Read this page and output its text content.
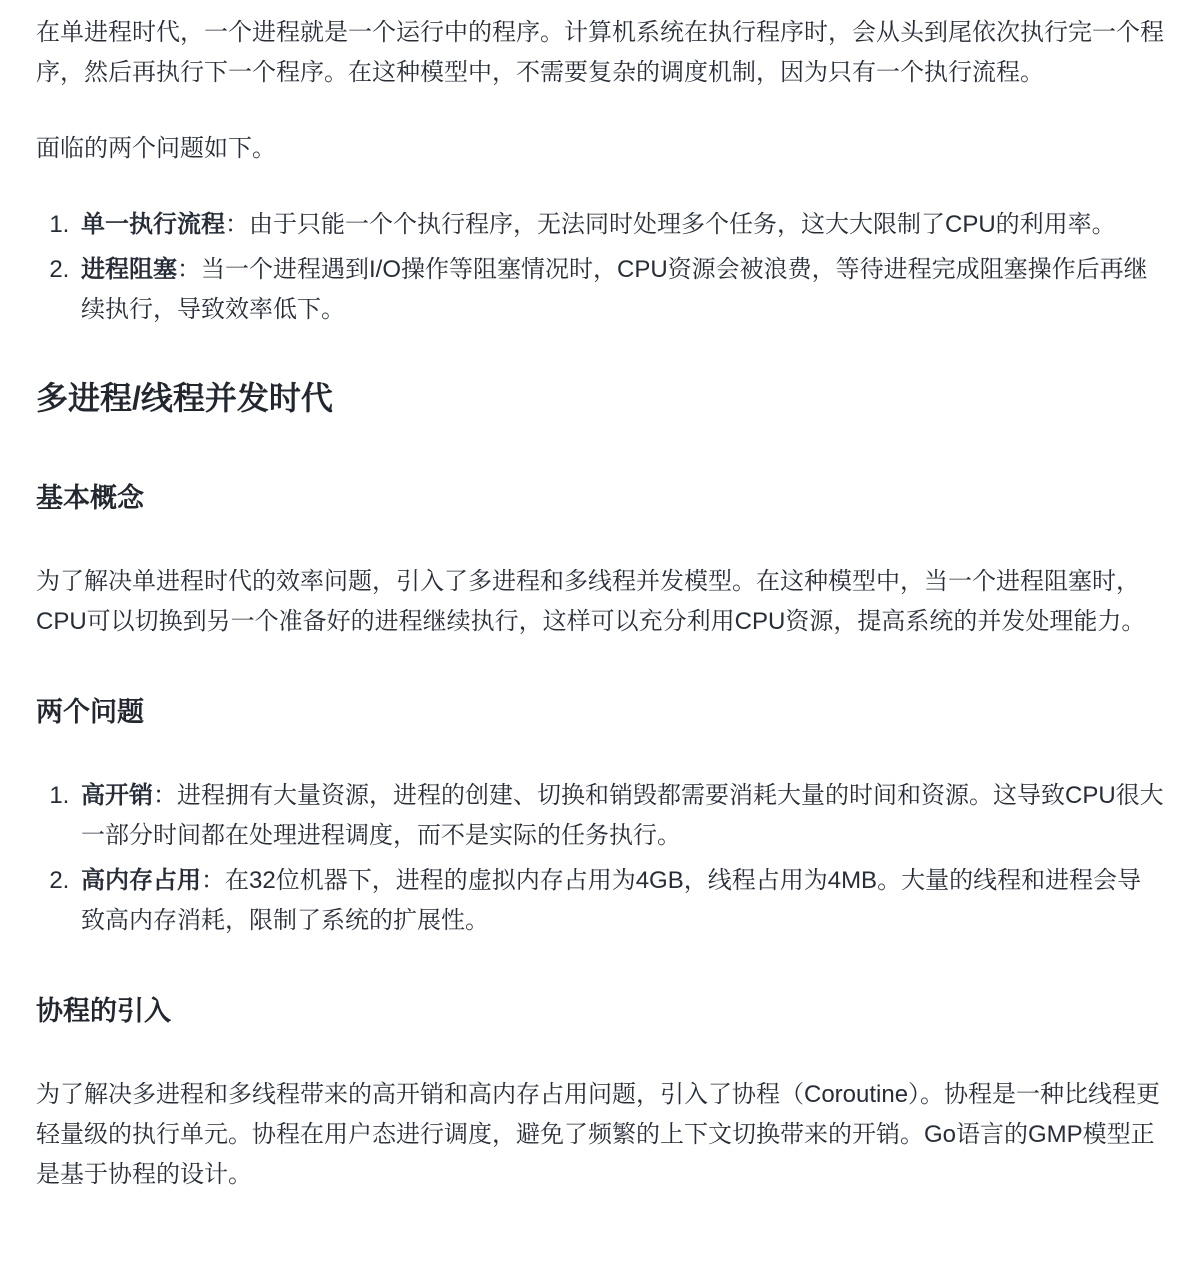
在单进程时代，一个进程就是一个运行中的程序。计算机系统在执行程序时，会从头到尾依次执行完一个程序，然后再执行下一个程序。在这种模型中，不需要复杂的调度机制，因为只有一个执行流程。

面临的两个问题如下。

1. 单一执行流程：由于只能一个个执行程序，无法同时处理多个任务，这大大限制了CPU的利用率。
2. 进程阻塞：当一个进程遇到I/O操作等阻塞情况时，CPU资源会被浪费，等待进程完成阻塞操作后再继续执行，导致效率低下。
多进程/线程并发时代
基本概念

为了解决单进程时代的效率问题，引入了多进程和多线程并发模型。在这种模型中，当一个进程阻塞时，CPU可以切换到另一个准备好的进程继续执行，这样可以充分利用CPU资源，提高系统的并发处理能力。

两个问题
1. 高开销：进程拥有大量资源，进程的创建、切换和销毁都需要消耗大量的时间和资源。这导致CPU很大一部分时间都在处理进程调度，而不是实际的任务执行。
2. 高内存占用：在32位机器下，进程的虚拟内存占用为4GB，线程占用为4MB。大量的线程和进程会导致高内存消耗，限制了系统的扩展性。
协程的引入

为了解决多进程和多线程带来的高开销和高内存占用问题，引入了协程（Coroutine）。协程是一种比线程更轻量级的执行单元。协程在用户态进行调度，避免了频繁的上下文切换带来的开销。Go语言的GMP模型正是基于协程的设计。
